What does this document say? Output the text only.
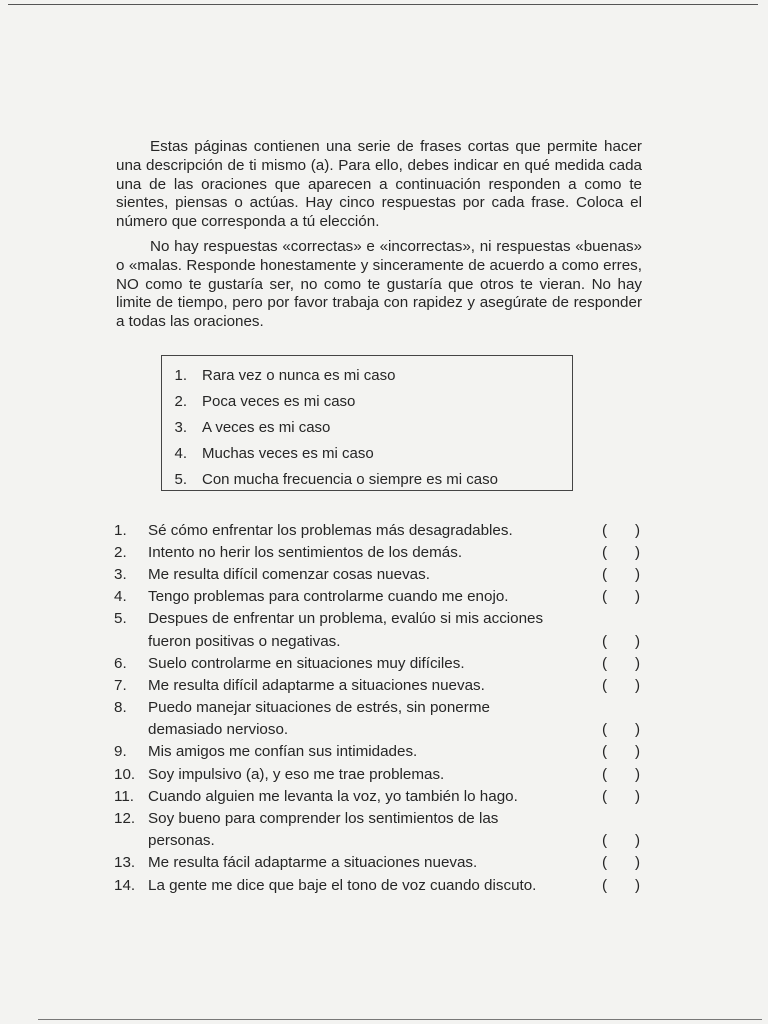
Estas páginas contienen una serie de frases cortas que permite hacer una descripción de ti mismo (a). Para ello, debes indicar en qué medida cada una de las oraciones que aparecen a continuación responden a como te sientes, piensas o actúas. Hay cinco respuestas por cada frase. Coloca el número que corresponda a tú elección.

No hay respuestas «correctas» e «incorrectas», ni respuestas «buenas» o «malas. Responde honestamente y sinceramente de acuerdo a como erres, NO como te gustaría ser, no como te gustaría que otros te vieran. No hay limite de tiempo, pero por favor trabaja con rapidez y asegúrate de responder a todas las oraciones.

1.	Rara vez o nunca es mi caso
2.	Poca veces es mi caso
3.	A veces es mi caso
4.	Muchas veces es mi caso
5.	Con mucha frecuencia o siempre es mi caso
1.	Sé cómo enfrentar los problemas más desagradables.	( )
2.	Intento no herir los sentimientos de los demás.	( )
3.	Me resulta difícil comenzar cosas nuevas.	( )
4.	Tengo problemas para controlarme cuando me enojo.	( )
5.	Despues de enfrentar un problema, evalúo si mis acciones
fueron positivas o negativas.	( )
6.	Suelo controlarme en situaciones muy difíciles.	( )
7.	Me resulta difícil adaptarme a situaciones nuevas.	( )
8.	Puedo manejar situaciones de estrés, sin ponerme
demasiado nervioso.	( )
9.	Mis amigos me confían sus intimidades.	( )
10. Soy impulsivo (a), y eso me trae problemas.	( )
11. Cuando alguien me levanta la voz, yo también lo hago.	( )
12. Soy bueno para comprender los sentimientos de las
personas.	( )
13. Me resulta fácil adaptarme a situaciones nuevas.	( )
14. La gente me dice que baje el tono de voz cuando discuto.	( )
